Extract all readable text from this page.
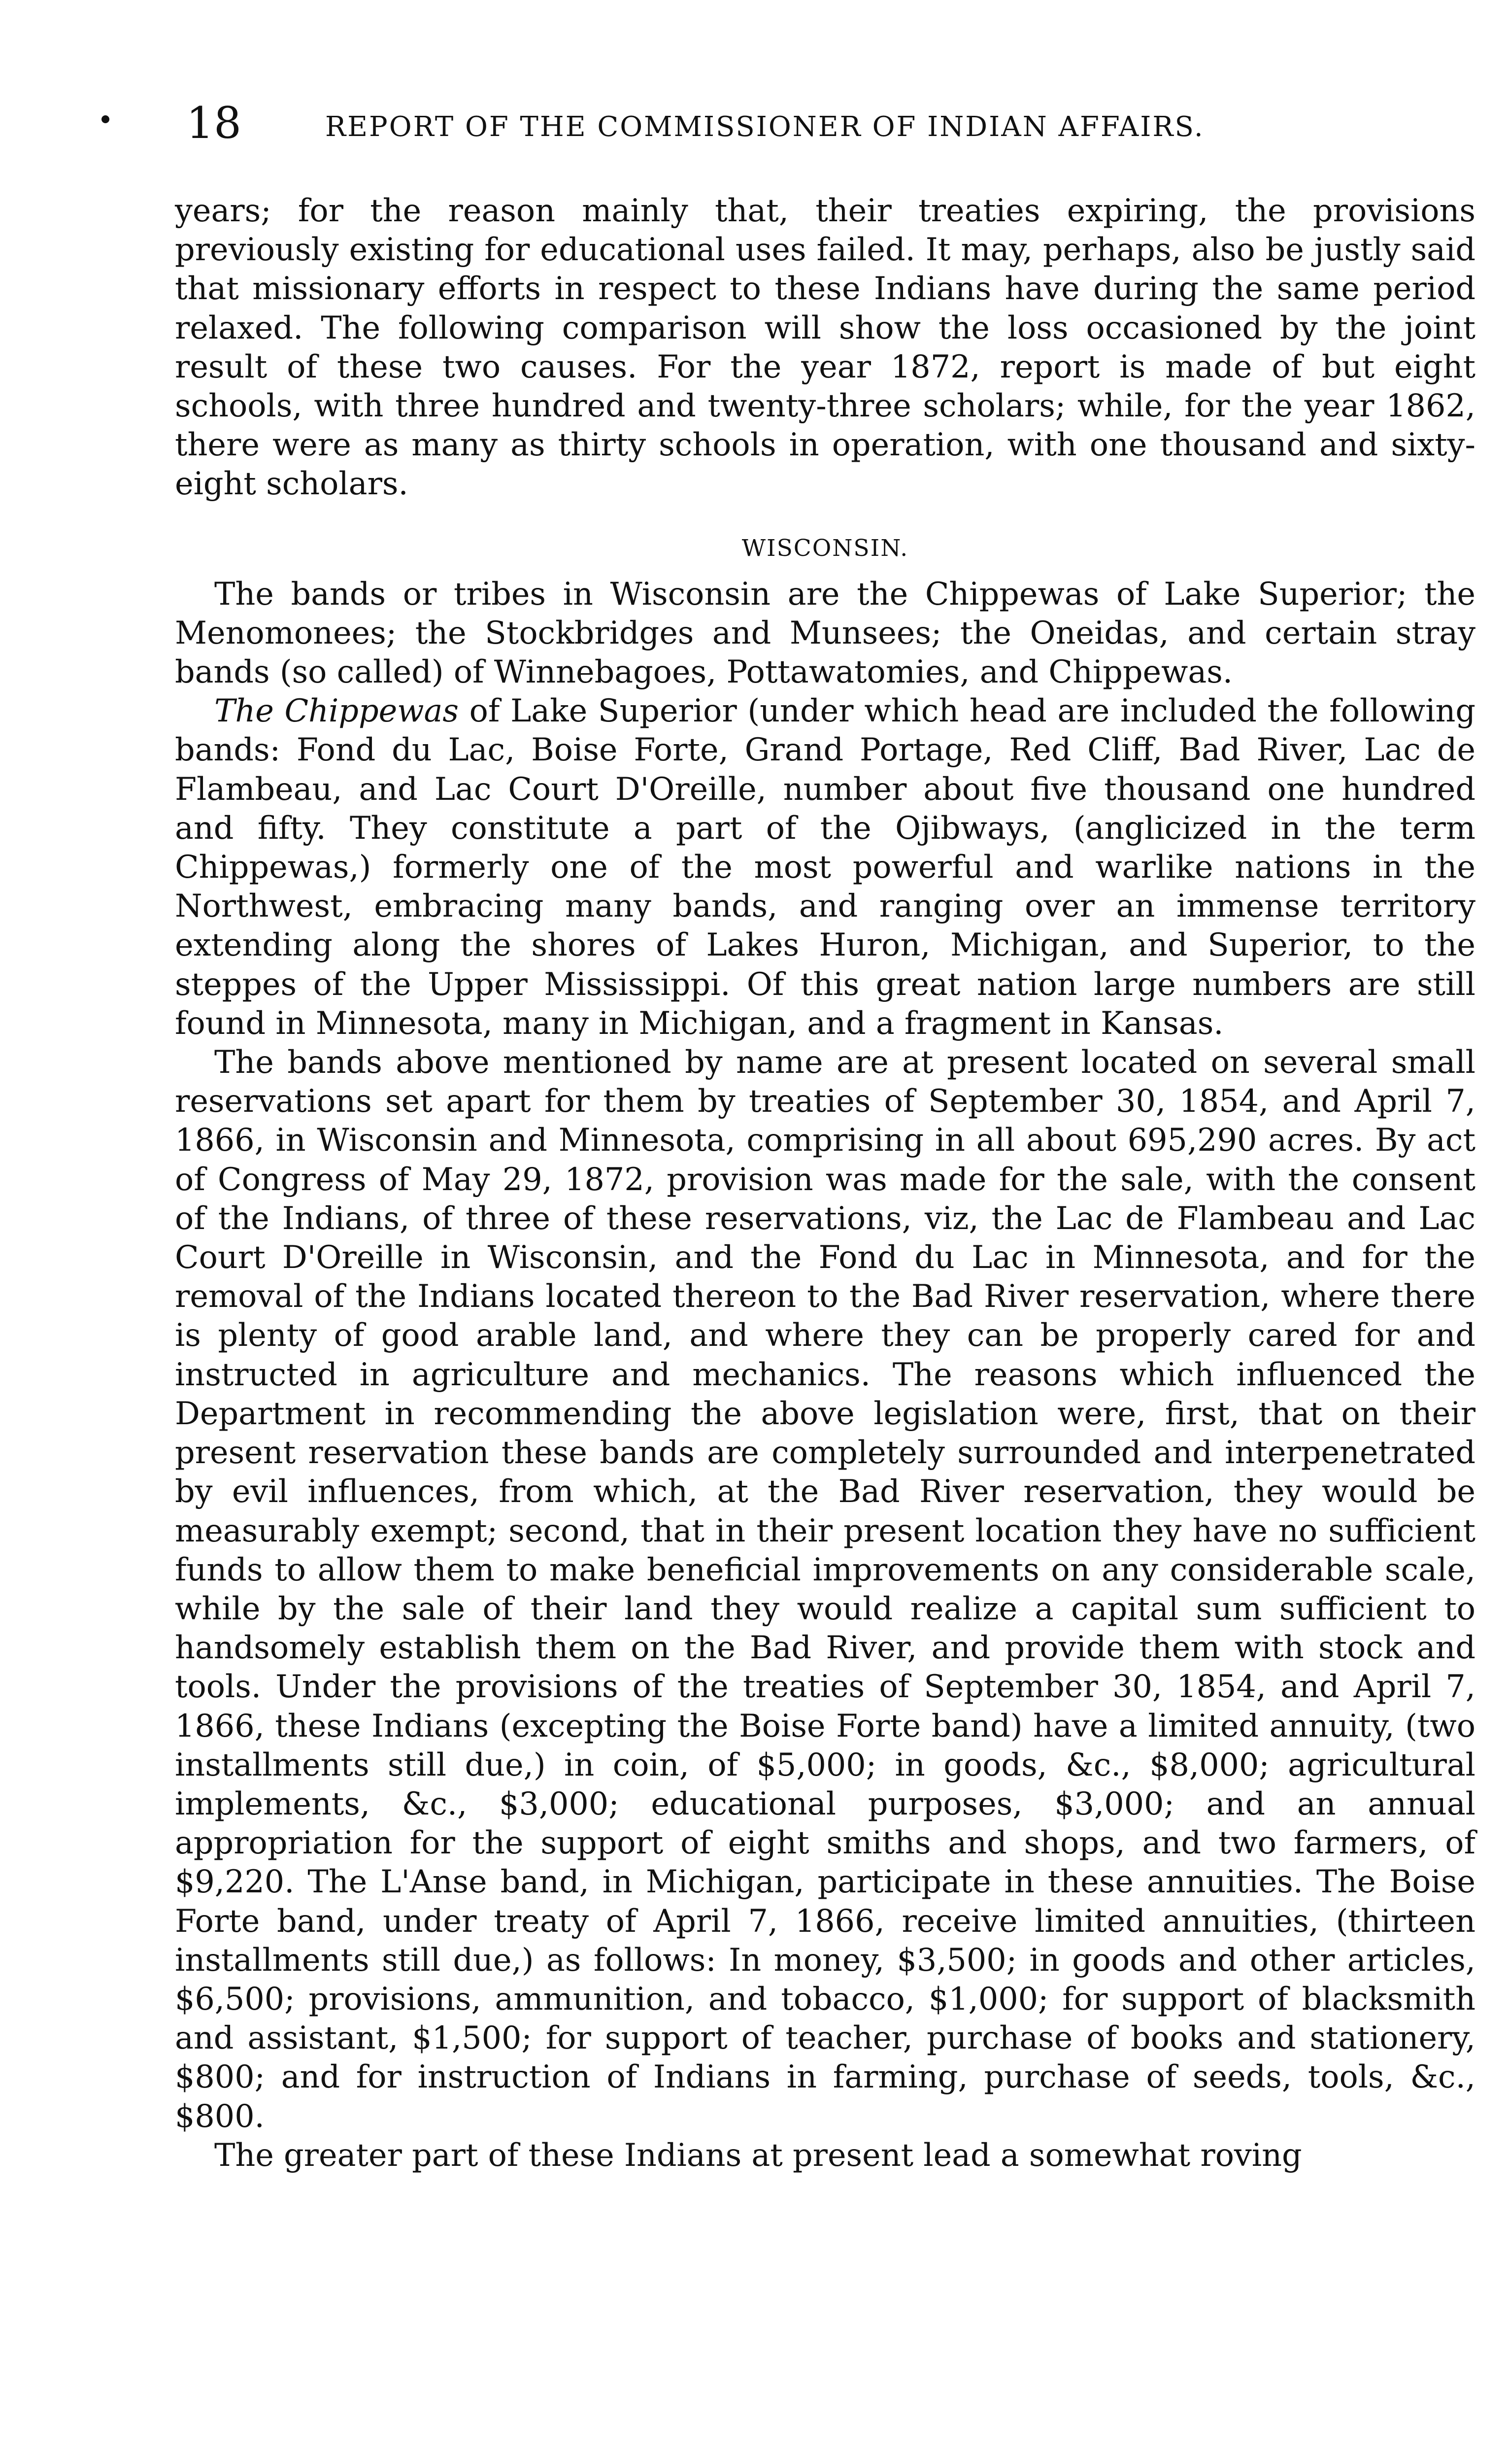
18	REPORT OF THE COMMISSIONER OF INDIAN AFFAIRS.

years; for the reason mainly that, their treaties expiring, the provisions previously existing for educational uses failed. It may, perhaps, also be justly said that missionary efforts in respect to these Indians have during the same period relaxed. The following comparison will show the loss occasioned by the joint result of these two causes. For the year 1872, report is made of but eight schools, with three hundred and twenty-three scholars; while, for the year 1862, there were as many as thirty schools in operation, with one thousand and sixty-eight scholars.

WISCONSIN.

The bands or tribes in Wisconsin are the Chippewas of Lake Superior; the Menomonees; the Stockbridges and Munsees; the Oneidas, and certain stray bands (so called) of Winnebagoes, Pottawatomies, and Chippewas.

The Chippewas of Lake Superior (under which head are included the following bands: Fond du Lac, Boise Forte, Grand Portage, Red Cliff, Bad River, Lac de Flambeau, and Lac Court D'Oreille, number about five thousand one hundred and fifty. They constitute a part of the Ojibways, (anglicized in the term Chippewas,) formerly one of the most powerful and warlike nations in the Northwest, embracing many bands, and ranging over an immense territory extending along the shores of Lakes Huron, Michigan, and Superior, to the steppes of the Upper Mississippi. Of this great nation large numbers are still found in Minnesota, many in Michigan, and a fragment in Kansas.

The bands above mentioned by name are at present located on several small reservations set apart for them by treaties of September 30, 1854, and April 7, 1866, in Wisconsin and Minnesota, comprising in all about 695,290 acres. By act of Congress of May 29, 1872, provision was made for the sale, with the consent of the Indians, of three of these reservations, viz, the Lac de Flambeau and Lac Court D'Oreille in Wisconsin, and the Fond du Lac in Minnesota, and for the removal of the Indians located thereon to the Bad River reservation, where there is plenty of good arable land, and where they can be properly cared for and instructed in agriculture and mechanics. The reasons which influenced the Department in recommending the above legislation were, first, that on their present reservation these bands are completely surrounded and interpenetrated by evil influences, from which, at the Bad River reservation, they would be measurably exempt; second, that in their present location they have no sufficient funds to allow them to make beneficial improvements on any considerable scale, while by the sale of their land they would realize a capital sum sufficient to handsomely establish them on the Bad River, and provide them with stock and tools. Under the provisions of the treaties of September 30, 1854, and April 7, 1866, these Indians (excepting the Boise Forte band) have a limited annuity, (two installments still due,) in coin, of $5,000; in goods, &c., $8,000; agricultural implements, &c., $3,000; educational purposes, $3,000; and an annual appropriation for the support of eight smiths and shops, and two farmers, of $9,220. The L'Anse band, in Michigan, participate in these annuities. The Boise Forte band, under treaty of April 7, 1866, receive limited annuities, (thirteen installments still due,) as follows: In money, $3,500; in goods and other articles, $6,500; provisions, ammunition, and tobacco, $1,000; for support of blacksmith and assistant, $1,500; for support of teacher, purchase of books and stationery, $800; and for instruction of Indians in farming, purchase of seeds, tools, &c., $800.

The greater part of these Indians at present lead a somewhat roving
